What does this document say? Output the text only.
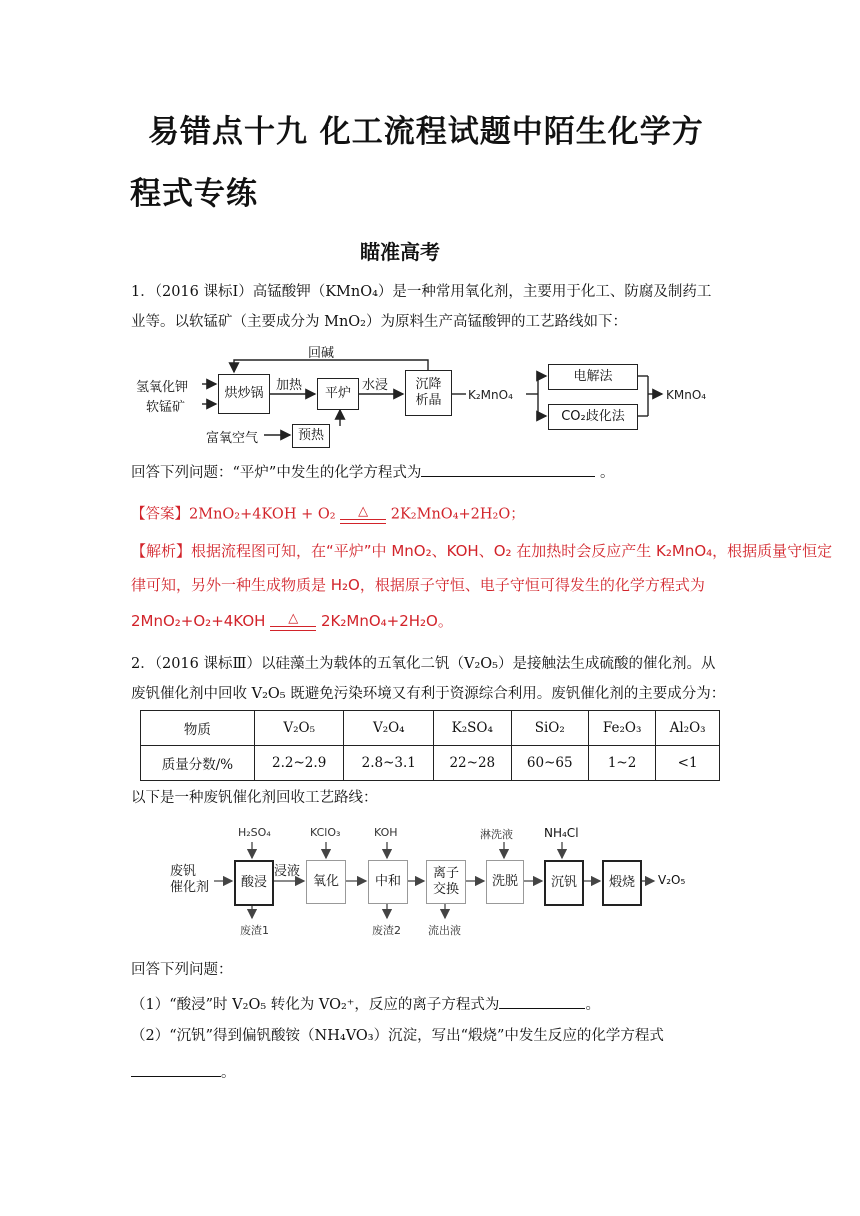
易错点十九 化工流程试题中陌生化学方
程式专练
瞄准高考
1．（2016 课标Ⅰ）高锰酸钾（KMnO₄）是一种常用氧化剂，主要用于化工、防腐及制药工
业等。以软锰矿（主要成分为 MnO₂）为原料生产高锰酸钾的工艺路线如下：
氢氧化钾
软锰矿
烘炒锅
加热
平炉
水浸	沉降
析晶
回碱
富氧空气	预热
K₂MnO₄
电解法
CO₂歧化法
KMnO₄
回答下列问题：“平炉”中发生的化学方程式为	。
【答案】2MnO₂+4KOH + O₂	△	2K₂MnO₄+2H₂O；
【解析】根据流程图可知，在“平炉”中 MnO₂、KOH、O₂ 在加热时会反应产生 K₂MnO₄，根据质量守恒定
律可知，另外一种生成物质是 H₂O，根据原子守恒、电子守恒可得发生的化学方程式为
2MnO₂+O₂+4KOH	△	2K₂MnO₄+2H₂O。
2．（2016 课标Ⅲ）以硅藻土为载体的五氧化二钒（V₂O₅）是接触法生成硫酸的催化剂。从
废钒催化剂中回收 V₂O₅ 既避免污染环境又有利于资源综合利用。废钒催化剂的主要成分为：
物质	V₂O₅	V₂O₄	K₂SO₄	SiO₂	Fe₂O₃	Al₂O₃
质量分数/%	2.2~2.9	2.8~3.1	22~28	60~65	1~2	<1
以下是一种废钒催化剂回收工艺路线：
废钒
催化剂
H₂SO₄
酸浸
浸液
KClO₃
氧化
KOH
中和
离子
交换
淋洗液
洗脱
NH₄Cl
沉钒	煅烧	V₂O₅
废渣1	废渣2 流出液
回答下列问题：
（1）“酸浸”时 V₂O₅ 转化为 VO₂⁺，反应的离子方程式为	。
（2）“沉钒”得到偏钒酸铵（NH₄VO₃）沉淀，写出“煅烧”中发生反应的化学方程式
。
